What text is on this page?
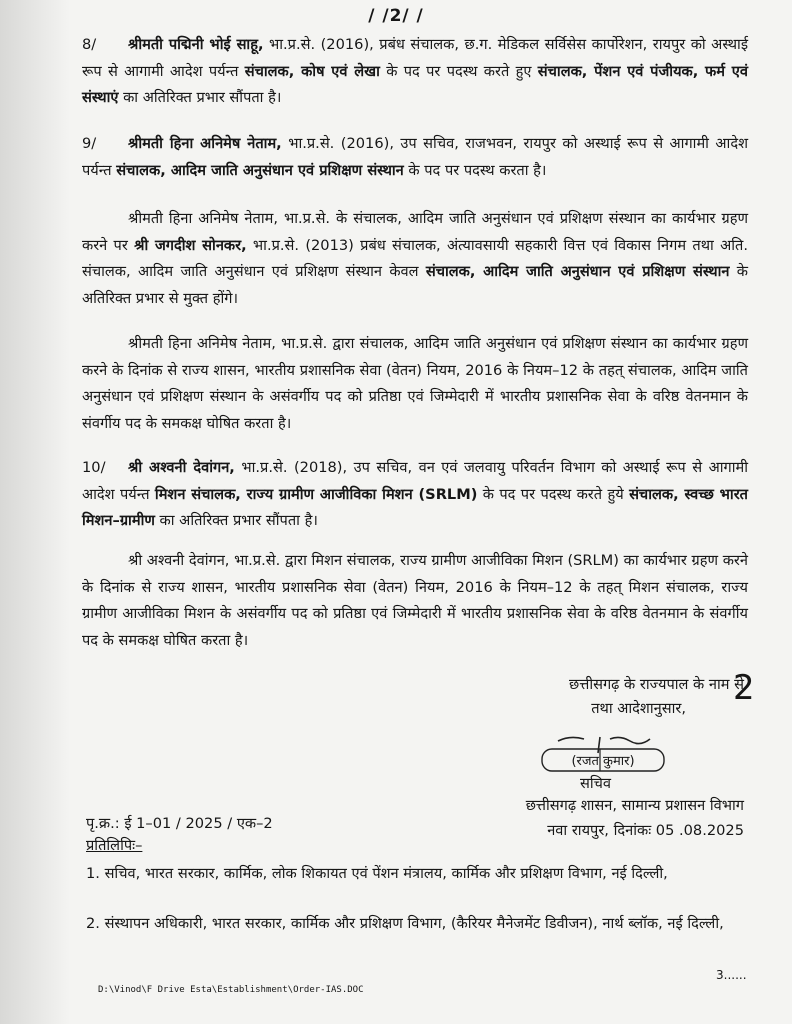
/ /2/ /
8/ श्रीमती पद्मिनी भोई साहू, भा.प्र.से. (2016), प्रबंध संचालक, छ.ग. मेडिकल सर्विसेस कार्पोरेशन, रायपुर को अस्थाई रूप से आगामी आदेश पर्यन्त संचालक, कोष एवं लेखा के पद पर पदस्थ करते हुए संचालक, पेंशन एवं पंजीयक, फर्म एवं संस्थाएं का अतिरिक्त प्रभार सौंपता है।
9/ श्रीमती हिना अनिमेष नेताम, भा.प्र.से. (2016), उप सचिव, राजभवन, रायपुर को अस्थाई रूप से आगामी आदेश पर्यन्त संचालक, आदिम जाति अनुसंधान एवं प्रशिक्षण संस्थान के पद पर पदस्थ करता है।
श्रीमती हिना अनिमेष नेताम, भा.प्र.से. के संचालक, आदिम जाति अनुसंधान एवं प्रशिक्षण संस्थान का कार्यभार ग्रहण करने पर श्री जगदीश सोनकर, भा.प्र.से. (2013) प्रबंध संचालक, अंत्यावसायी सहकारी वित्त एवं विकास निगम तथा अति. संचालक, आदिम जाति अनुसंधान एवं प्रशिक्षण संस्थान केवल संचालक, आदिम जाति अनुसंधान एवं प्रशिक्षण संस्थान के अतिरिक्त प्रभार से मुक्त होंगे।
श्रीमती हिना अनिमेष नेताम, भा.प्र.से. द्वारा संचालक, आदिम जाति अनुसंधान एवं प्रशिक्षण संस्थान का कार्यभार ग्रहण करने के दिनांक से राज्य शासन, भारतीय प्रशासनिक सेवा (वेतन) नियम, 2016 के नियम–12 के तहत् संचालक, आदिम जाति अनुसंधान एवं प्रशिक्षण संस्थान के असंवर्गीय पद को प्रतिष्ठा एवं जिम्मेदारी में भारतीय प्रशासनिक सेवा के वरिष्ठ वेतनमान के संवर्गीय पद के समकक्ष घोषित करता है।
10/ श्री अश्वनी देवांगन, भा.प्र.से. (2018), उप सचिव, वन एवं जलवायु परिवर्तन विभाग को अस्थाई रूप से आगामी आदेश पर्यन्त मिशन संचालक, राज्य ग्रामीण आजीविका मिशन (SRLM) के पद पर पदस्थ करते हुये संचालक, स्वच्छ भारत मिशन–ग्रामीण का अतिरिक्त प्रभार सौंपता है।
श्री अश्वनी देवांगन, भा.प्र.से. द्वारा मिशन संचालक, राज्य ग्रामीण आजीविका मिशन (SRLM) का कार्यभार ग्रहण करने के दिनांक से राज्य शासन, भारतीय प्रशासनिक सेवा (वेतन) नियम, 2016 के नियम–12 के तहत् मिशन संचालक, राज्य ग्रामीण आजीविका मिशन के असंवर्गीय पद को प्रतिष्ठा एवं जिम्मेदारी में भारतीय प्रशासनिक सेवा के वरिष्ठ वेतनमान के संवर्गीय पद के समकक्ष घोषित करता है।
2
छत्तीसगढ़ के राज्यपाल के नाम से
तथा आदेशानुसार,
(रजत कुमार)
सचिव
छत्तीसगढ़ शासन, सामान्य प्रशासन विभाग
पृ.क्र.: ई 1–01 / 2025 / एक–2	नवा रायपुर, दिनांकः 05 .08.2025
प्रतिलिपिः–
1. सचिव, भारत सरकार, कार्मिक, लोक शिकायत एवं पेंशन मंत्रालय, कार्मिक और प्रशिक्षण विभाग, नई दिल्ली,
2. संस्थापन अधिकारी, भारत सरकार, कार्मिक और प्रशिक्षण विभाग, (कैरियर मैनेजमेंट डिवीजन), नार्थ ब्लॉक, नई दिल्ली,
3......
D:\Vinod\F Drive Esta\Establishment\Order-IAS.DOC
